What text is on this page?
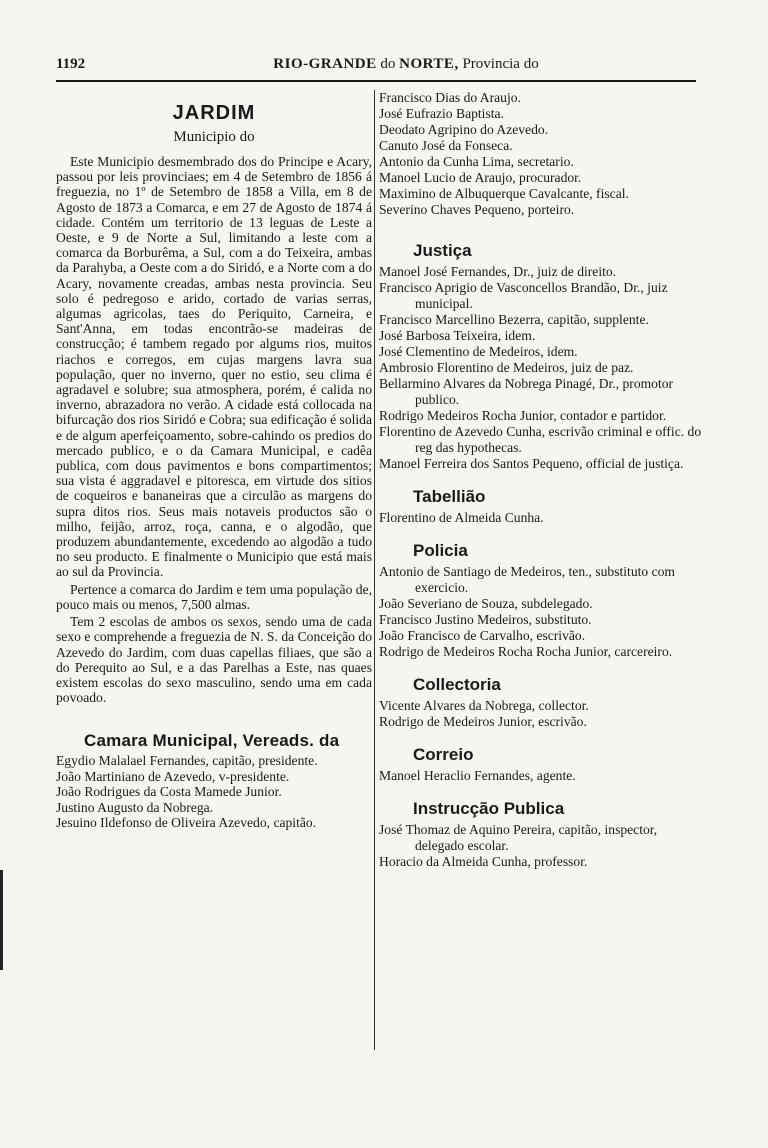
1192	RIO-GRANDE do NORTE, Provincia do
JARDIM
Municipio do

Este Municipio desmembrado dos do Principe e Acary, passou por leis provinciaes; em 4 de Setembro de 1856 á freguezia, no 1º de Setembro de 1858 a Villa, em 8 de Agosto de 1873 a Comarca, e em 27 de Agosto de 1874 á cidade. Contém um territorio de 13 leguas de Leste a Oeste, e 9 de Norte a Sul, limitando a leste com a comarca da Borburêma, a Sul, com a do Teixeira, ambas da Parahyba, a Oeste com a do Siridó, e a Norte com a do Acary, novamente creadas, ambas nesta provincia. Seu solo é pedregoso e arido, cortado de varias serras, algumas agricolas, taes do Periquito, Carneira, e Sant'Anna, em todas encontrão-se madeiras de construcção; é tambem regado por algums rios, muitos riachos e corregos, em cujas margens lavra sua população, quer no inverno, quer no estio, seu clima é agradavel e solubre; sua atmosphera, porém, é calida no inverno, abrazadora no verão. A cidade está collocada na bifurcação dos rios Siridó e Cobra; sua edificação é solida e de algum aperfeiçoamento, sobre-cahindo os predios do mercado publico, e o da Camara Municipal, e cadêa publica, com dous pavimentos e bons compartimentos; sua vista é aggradavel e pitoresca, em virtude dos sitios de coqueiros e bananeiras que a circulão as margens do supra ditos rios. Seus mais notaveis productos são o milho, feijão, arroz, roça, canna, e o algodão, que produzem abundantemente, excedendo ao algodão a tudo no seu producto. E finalmente o Municipio que está mais ao sul da Provincia.

Pertence a comarca do Jardim e tem uma população de, pouco mais ou menos, 7,500 almas.

Tem 2 escolas de ambos os sexos, sendo uma de cada sexo e comprehende a freguezia de N. S. da Conceição do Azevedo do Jardim, com duas capellas filiaes, que são a do Perequito ao Sul, e a das Parelhas a Este, nas quaes existem escolas do sexo masculino, sendo uma em cada povoado.

Camara Municipal, Vereads. da

Egydio Malalael Fernandes, capitão, presidente.

João Martiniano de Azevedo, v-presidente.

João Rodrigues da Costa Mamede Junior.

Justino Augusto da Nobrega.

Jesuino Ildefonso de Oliveira Azevedo, capitão.

Francisco Dias do Araujo.

José Eufrazio Baptista.

Deodato Agripino do Azevedo.

Canuto José da Fonseca.

Antonio da Cunha Lima, secretario.

Manoel Lucio de Araujo, procurador.

Maximino de Albuquerque Cavalcante, fiscal.

Severino Chaves Pequeno, porteiro.

Justiça

Manoel José Fernandes, Dr., juiz de direito.

Francisco Aprigio de Vasconcellos Brandão, Dr., juiz municipal.

Francisco Marcellino Bezerra, capitão, supplente.

José Barbosa Teixeira, idem.

José Clementino de Medeiros, idem.

Ambrosio Florentino de Medeiros, juiz de paz.

Bellarmino Alvares da Nobrega Pinagé, Dr., promotor publico.

Rodrigo Medeiros Rocha Junior, contador e partidor.

Florentino de Azevedo Cunha, escrivão criminal e offic. do reg das hypothecas.

Manoel Ferreira dos Santos Pequeno, official de justiça.

Tabellião

Florentino de Almeida Cunha.

Policia

Antonio de Santiago de Medeiros, ten., substituto com exercicio.

João Severiano de Souza, subdelegado.

Francisco Justino Medeiros, substituto.

João Francisco de Carvalho, escrivão.

Rodrigo de Medeiros Rocha Rocha Junior, carcereiro.

Collectoria

Vicente Alvares da Nobrega, collector.

Rodrigo de Medeiros Junior, escrivão.

Correio

Manoel Heraclio Fernandes, agente.

Instrucção Publica

José Thomaz de Aquino Pereira, capitão, inspector, delegado escolar.

Horacio da Almeida Cunha, professor.
